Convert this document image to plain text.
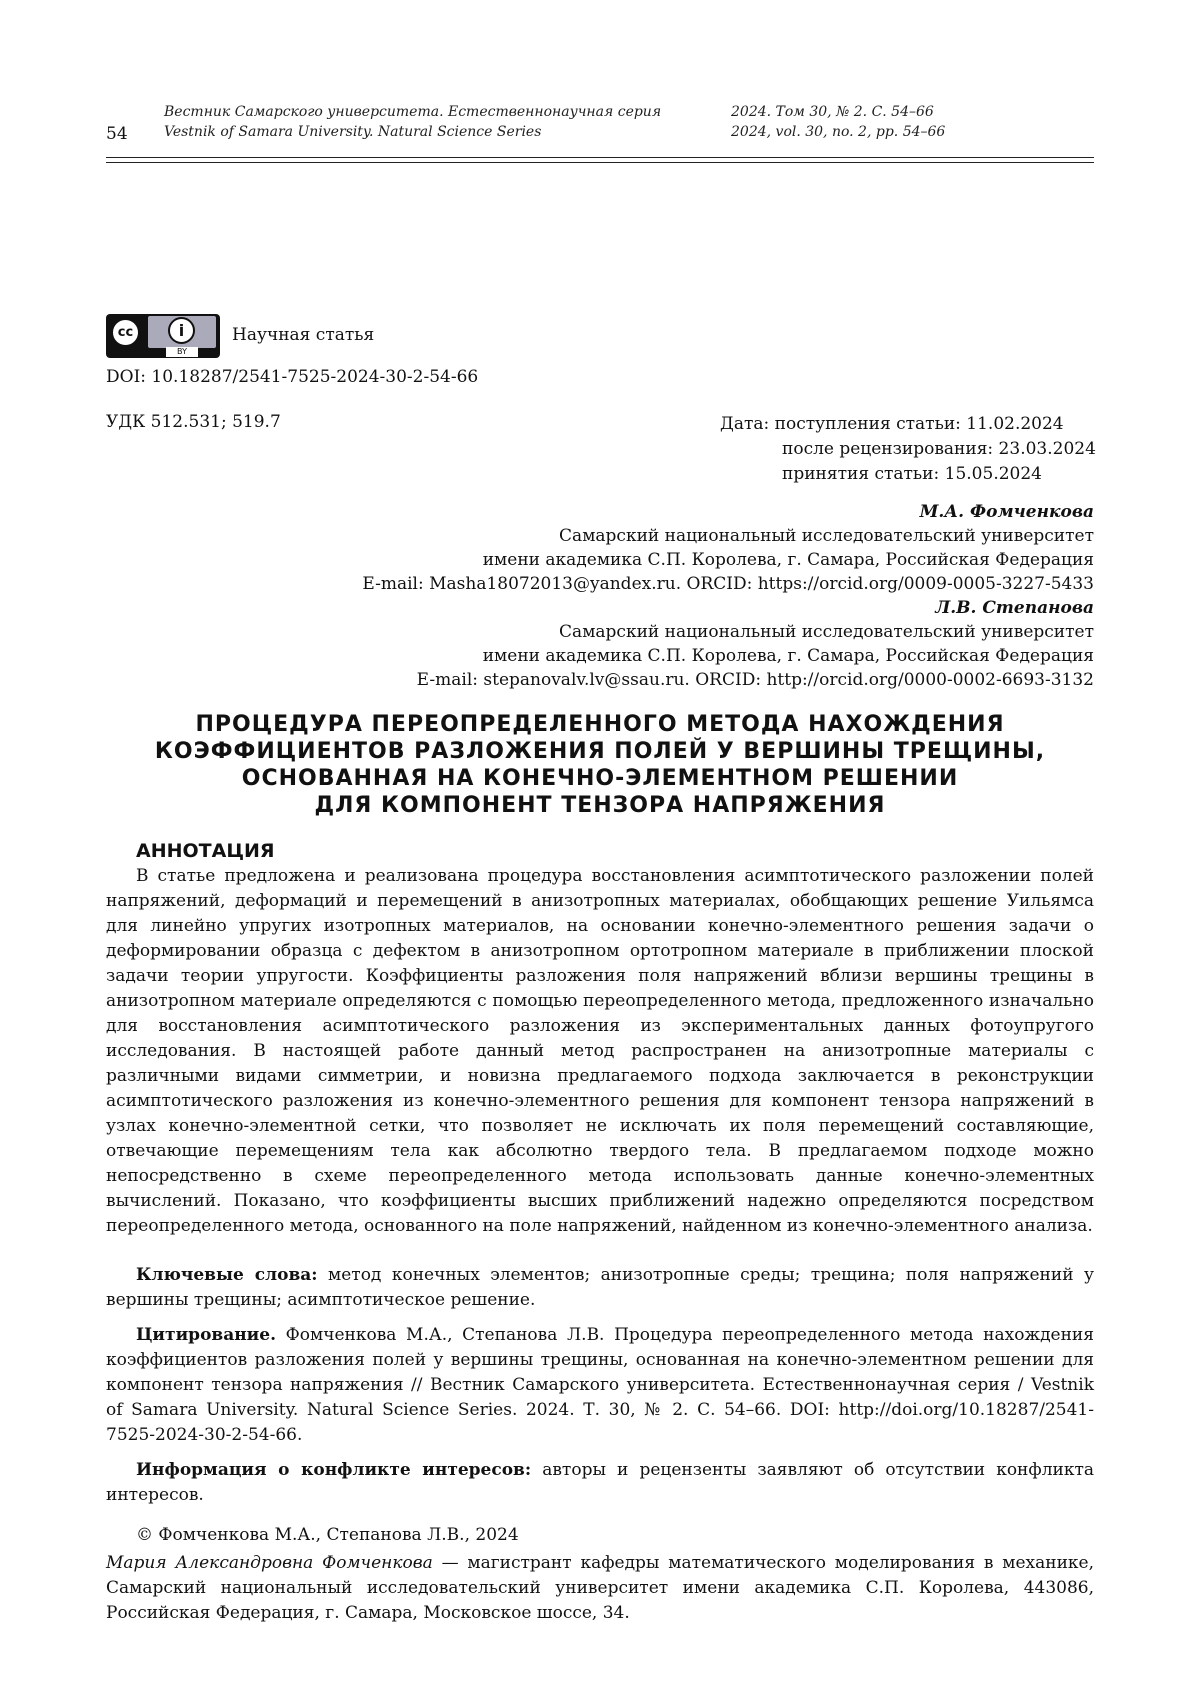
Вестник Самарского университета. Естественнонаучная серия	2024. Том 30, № 2. С. 54–66
Vestnik of Samara University. Natural Science Series	2024, vol. 30, no. 2, pp. 54–66
54
cc	i
BY
Научная статья
DOI: 10.18287/2541-7525-2024-30-2-54-66
УДК 512.531; 519.7	Дата: поступления статьи: 11.02.2024
после рецензирования: 23.03.2024
принятия статьи: 15.05.2024
М.А. Фомченкова
Самарский национальный исследовательский университет
имени академика С.П. Королева, г. Самара, Российская Федерация
E-mail: Masha18072013@yandex.ru. ORCID: https://orcid.org/0009-0005-3227-5433
Л.В. Степанова
Самарский национальный исследовательский университет
имени академика С.П. Королева, г. Самара, Российская Федерация
E-mail: stepanovalv.lv@ssau.ru. ORCID: http://orcid.org/0000-0002-6693-3132
ПРОЦЕДУРА ПЕРЕОПРЕДЕЛЕННОГО МЕТОДА НАХОЖДЕНИЯ
КОЭФФИЦИЕНТОВ РАЗЛОЖЕНИЯ ПОЛЕЙ У ВЕРШИНЫ ТРЕЩИНЫ,
ОСНОВАННАЯ НА КОНЕЧНО-ЭЛЕМЕНТНОМ РЕШЕНИИ
ДЛЯ КОМПОНЕНТ ТЕНЗОРА НАПРЯЖЕНИЯ
АННОТАЦИЯ
В статье предложена и реализована процедура восстановления асимптотического разложении полей напряжений, деформаций и перемещений в анизотропных материалах, обобщающих решение Уильямса для линейно упругих изотропных материалов, на основании конечно-элементного решения задачи о деформировании образца с дефектом в анизотропном ортотропном материале в приближении плоской задачи теории упругости. Коэффициенты разложения поля напряжений вблизи вершины трещины в анизотропном материале определяются с помощью переопределенного метода, предложенного изначально для восстановления асимптотического разложения из экспериментальных данных фотоупругого исследования. В настоящей работе данный метод распространен на анизотропные материалы с различными видами симметрии, и новизна предлагаемого подхода заключается в реконструкции асимптотического разложения из конечно-элементного решения для компонент тензора напряжений в узлах конечно-элементной сетки, что позволяет не исключать их поля перемещений составляющие, отвечающие перемещениям тела как абсолютно твердого тела. В предлагаемом подходе можно непосредственно в схеме переопределенного метода использовать данные конечно-элементных вычислений. Показано, что коэффициенты высших приближений надежно определяются посредством переопределенного метода, основанного на поле напряжений, найденном из конечно-элементного анализа.
Ключевые слова: метод конечных элементов; анизотропные среды; трещина; поля напряжений у вершины трещины; асимптотическое решение.
Цитирование. Фомченкова М.А., Степанова Л.В. Процедура переопределенного метода нахождения коэффициентов разложения полей у вершины трещины, основанная на конечно-элементном решении для компонент тензора напряжения // Вестник Самарского университета. Естественнонаучная серия / Vestnik of Samara University. Natural Science Series. 2024. Т. 30, № 2. С. 54–66. DOI: http://doi.org/10.18287/2541-7525-2024-30-2-54-66.
Информация о конфликте интересов: авторы и рецензенты заявляют об отсутствии конфликта интересов.
© Фомченкова М.А., Степанова Л.В., 2024
Мария Александровна Фомченкова — магистрант кафедры математического моделирования в механике, Самарский национальный исследовательский университет имени академика С.П. Королева, 443086, Российская Федерация, г. Самара, Московское шоссе, 34.
